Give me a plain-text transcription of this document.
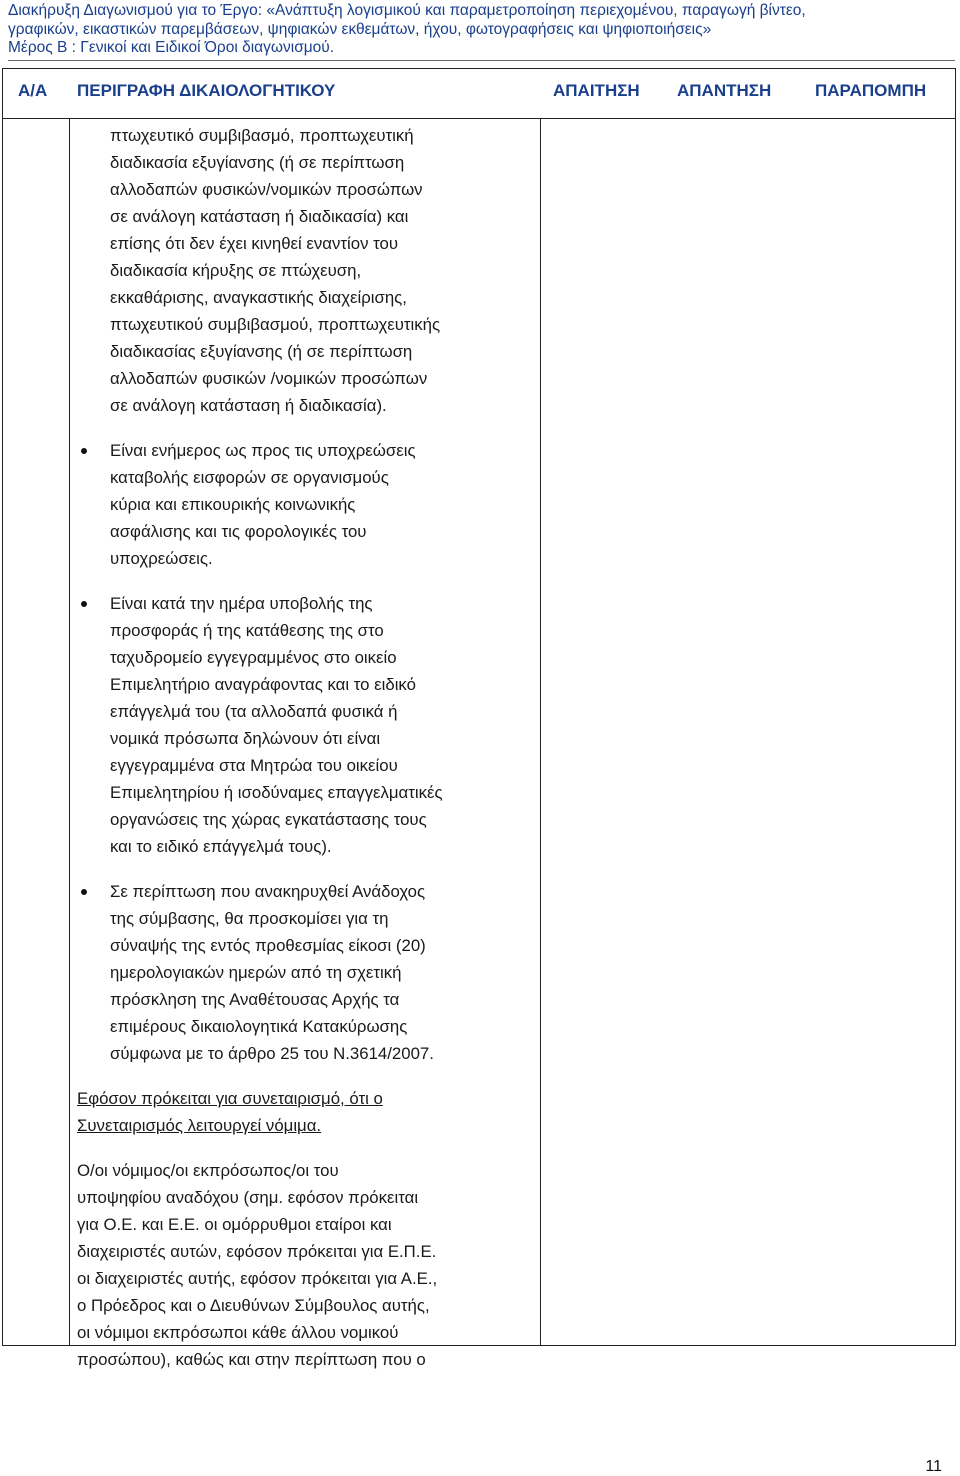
Διακήρυξη Διαγωνισμού για το Έργο: «Ανάπτυξη λογισμικού και παραμετροποίηση περιεχομένου, παραγωγή βίντεο,
γραφικών, εικαστικών παρεμβάσεων, ψηφιακών εκθεμάτων, ήχου, φωτογραφήσεις και ψηφιοποιήσεις»
Μέρος Β : Γενικοί και Ειδικοί Όροι διαγωνισμού.
Α/Α ΠΕΡΙΓΡΑΦΗ ΔΙΚΑΙΟΛΟΓΗΤΙΚΟΥ	ΑΠΑΙΤΗΣΗ ΑΠΑΝΤΗΣΗ	ΠΑΡΑΠΟΜΠΗ
πτωχευτικό συμβιβασμό, προπτωχευτική
διαδικασία εξυγίανσης (ή σε περίπτωση
αλλοδαπών φυσικών/νομικών προσώπων
σε ανάλογη κατάσταση ή διαδικασία) και
επίσης ότι δεν έχει κινηθεί εναντίον του
διαδικασία κήρυξης σε πτώχευση,
εκκαθάρισης, αναγκαστικής διαχείρισης,
πτωχευτικού συμβιβασμού, προπτωχευτικής
διαδικασίας εξυγίανσης (ή σε περίπτωση
αλλοδαπών φυσικών /νομικών προσώπων
σε ανάλογη κατάσταση ή διαδικασία).
Είναι ενήμερος ως προς τις υποχρεώσεις
καταβολής εισφορών σε οργανισμούς
κύρια και επικουρικής κοινωνικής
ασφάλισης και τις φορολογικές του
υποχρεώσεις.
Είναι κατά την ημέρα υποβολής της
προσφοράς ή της κατάθεσης της στο
ταχυδρομείο εγγεγραμμένος στο οικείο
Επιμελητήριο αναγράφοντας και το ειδικό
επάγγελμά του (τα αλλοδαπά φυσικά ή
νομικά πρόσωπα δηλώνουν ότι είναι
εγγεγραμμένα στα Μητρώα του οικείου
Επιμελητηρίου ή ισοδύναμες επαγγελματικές
οργανώσεις της χώρας εγκατάστασης τους
και το ειδικό επάγγελμά τους).
Σε περίπτωση που ανακηρυχθεί Ανάδοχος
της σύμβασης, θα προσκομίσει για τη
σύναψής της εντός προθεσμίας είκοσι (20)
ημερολογιακών ημερών από τη σχετική
πρόσκληση της Αναθέτουσας Αρχής τα
επιμέρους δικαιολογητικά Κατακύρωσης
σύμφωνα με το άρθρο 25 του Ν.3614/2007.
Εφόσον πρόκειται για συνεταιρισμό, ότι ο
Συνεταιρισμός λειτουργεί νόμιμα.
Ο/οι νόμιμος/οι εκπρόσωπος/οι του
υποψηφίου αναδόχου (σημ. εφόσον πρόκειται
για Ο.Ε. και Ε.Ε. οι ομόρρυθμοι εταίροι και
διαχειριστές αυτών, εφόσον πρόκειται για Ε.Π.Ε.
οι διαχειριστές αυτής, εφόσον πρόκειται για Α.Ε.,
ο Πρόεδρος και ο Διευθύνων Σύμβουλος αυτής,
οι νόμιμοι εκπρόσωποι κάθε άλλου νομικού
προσώπου), καθώς και στην περίπτωση που ο
11
